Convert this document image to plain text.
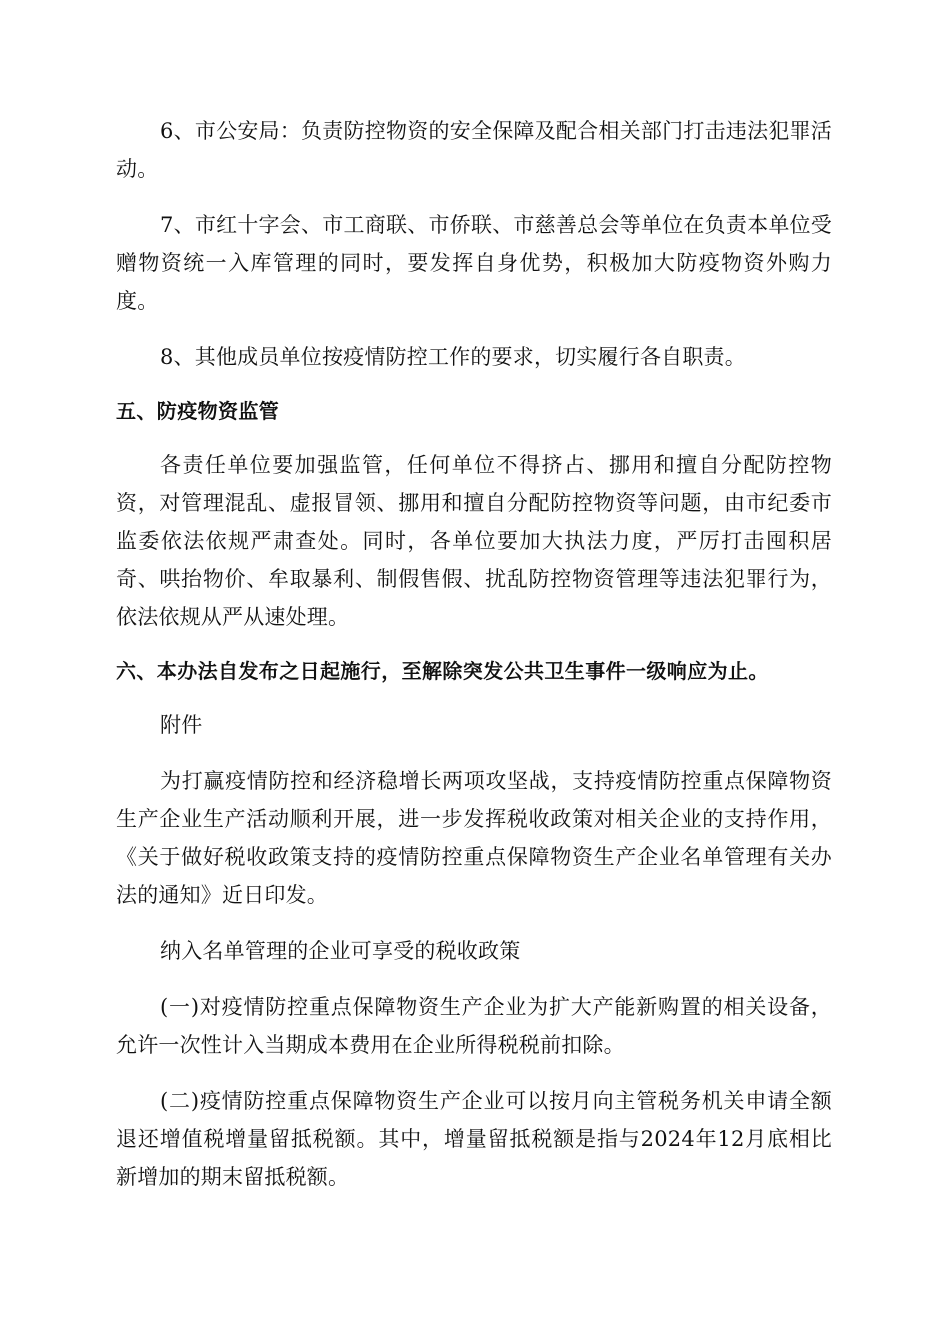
6、市公安局：负责防控物资的安全保障及配合相关部门打击违法犯罪活动。

7、市红十字会、市工商联、市侨联、市慈善总会等单位在负责本单位受赠物资统一入库管理的同时，要发挥自身优势，积极加大防疫物资外购力度。

8、其他成员单位按疫情防控工作的要求，切实履行各自职责。

五、防疫物资监管

各责任单位要加强监管，任何单位不得挤占、挪用和擅自分配防控物资，对管理混乱、虚报冒领、挪用和擅自分配防控物资等问题，由市纪委市监委依法依规严肃查处。同时，各单位要加大执法力度，严厉打击囤积居奇、哄抬物价、牟取暴利、制假售假、扰乱防控物资管理等违法犯罪行为，依法依规从严从速处理。

六、本办法自发布之日起施行，至解除突发公共卫生事件一级响应为止。

附件

为打赢疫情防控和经济稳增长两项攻坚战，支持疫情防控重点保障物资生产企业生产活动顺利开展，进一步发挥税收政策对相关企业的支持作用，《关于做好税收政策支持的疫情防控重点保障物资生产企业名单管理有关办法的通知》近日印发。

纳入名单管理的企业可享受的税收政策

(一)对疫情防控重点保障物资生产企业为扩大产能新购置的相关设备，允许一次性计入当期成本费用在企业所得税税前扣除。

(二)疫情防控重点保障物资生产企业可以按月向主管税务机关申请全额退还增值税增量留抵税额。其中，增量留抵税额是指与2024年12月底相比新增加的期末留抵税额。
